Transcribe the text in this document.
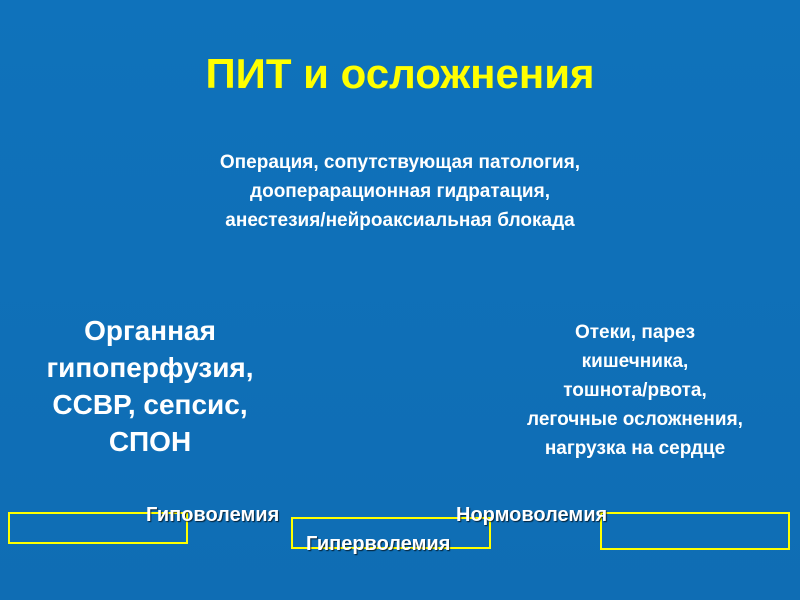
ПИТ и осложнения
Операция, сопутствующая патология,
дооперарационная гидратация,
анестезия/нейроаксиальная блокада
Органная
гипоперфузия,
ССВР, сепсис,
СПОН
Отеки, парез
кишечника,
тошнота/рвота,
легочные осложнения,
нагрузка на сердце
Гиповолемия	Нормоволемия
Гиперволемия
